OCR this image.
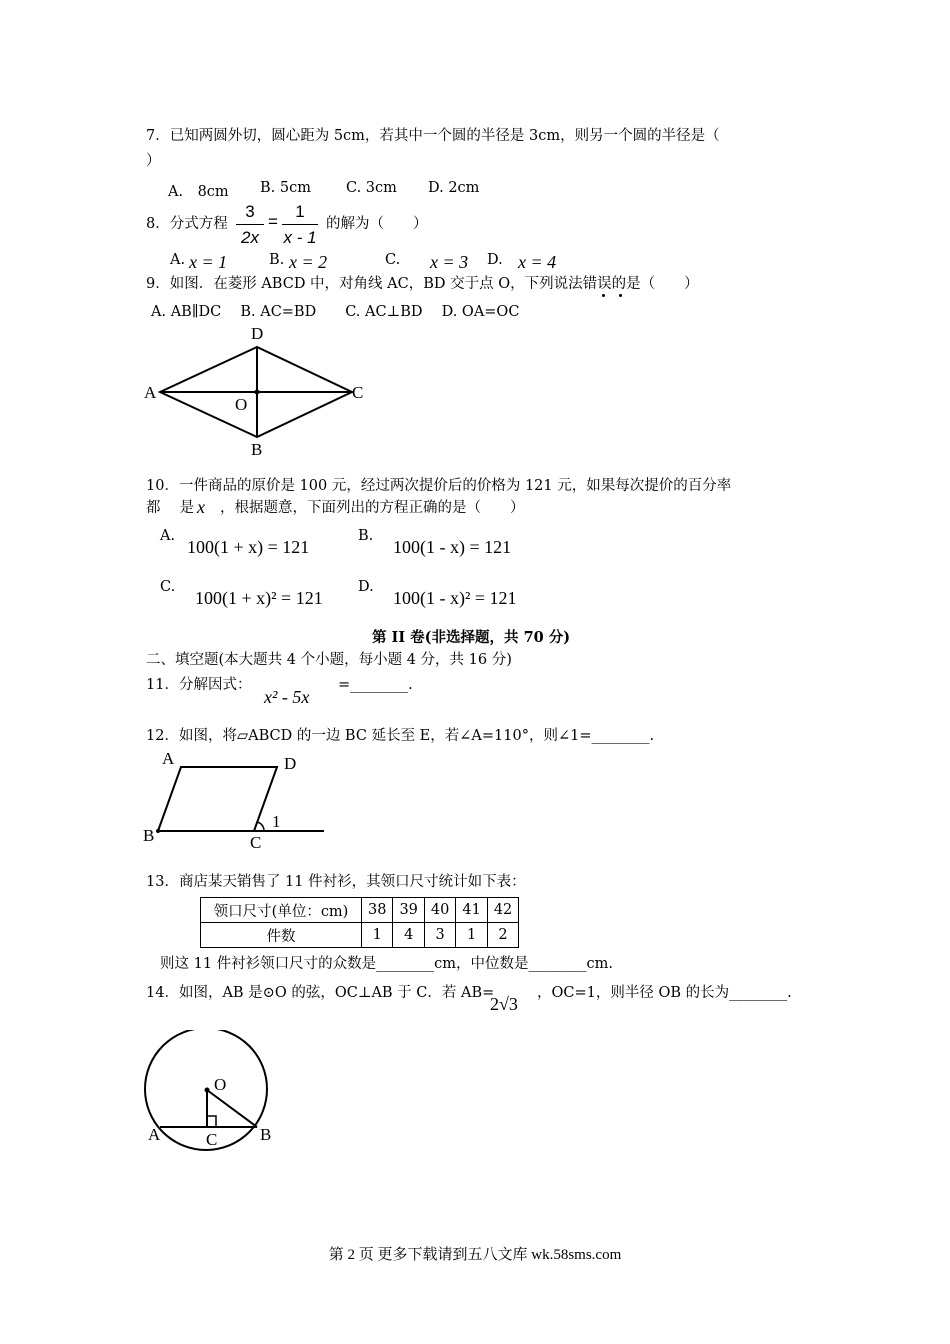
7．已知两圆外切，圆心距为 5cm，若其中一个圆的半径是 3cm，则另一个圆的半径是（
）
A.　8cm B. 5cm C. 3cm D. 2cm
8．分式方程
3
2x
=
1
x - 1
的解为（　　）
A. x = 1	B. x = 2	C. x = 3 D. x = 4
9．如图．在菱形 ABCD 中，对角线 AC，BD 交于点 O，下列说法错误的是（　　）
A. AB∥DC　 B. AC=BD　　C. AC⊥BD　 D. OA=OC
A
D
C
B
O
10．一件商品的原价是 100 元，经过两次提价后的价格为 121 元，如果每次提价的百分率
都　 是 x ，根据题意，下面列出的方程正确的是（　　）
A.
100(1 + x) = 121
B.
100(1 - x) = 121
C.
100(1 + x)² = 121
D.
100(1 - x)² = 121
第 II 卷(非选择题，共 70 分)
二、填空题(本大题共 4 个小题，每小题 4 分，共 16 分)
11．分解因式：
x² - 5x
=________.
12．如图，将▱ABCD 的一边 BC 延长至 E，若∠A=110°，则∠1=________.
A	D
B	C
1
13．商店某天销售了 11 件衬衫，其领口尺寸统计如下表：
领口尺寸(单位：cm)	38	39	40	41	42
件数	1	4	3	1	2
则这 11 件衬衫领口尺寸的众数是________cm，中位数是________cm.
14．如图，AB 是⊙O 的弦，OC⊥AB 于 C．若 AB=
2√3
，OC=1，则半径 OB 的长为________.
O
A	C	B
第 2 页 更多下载请到五八文库 wk.58sms.com
